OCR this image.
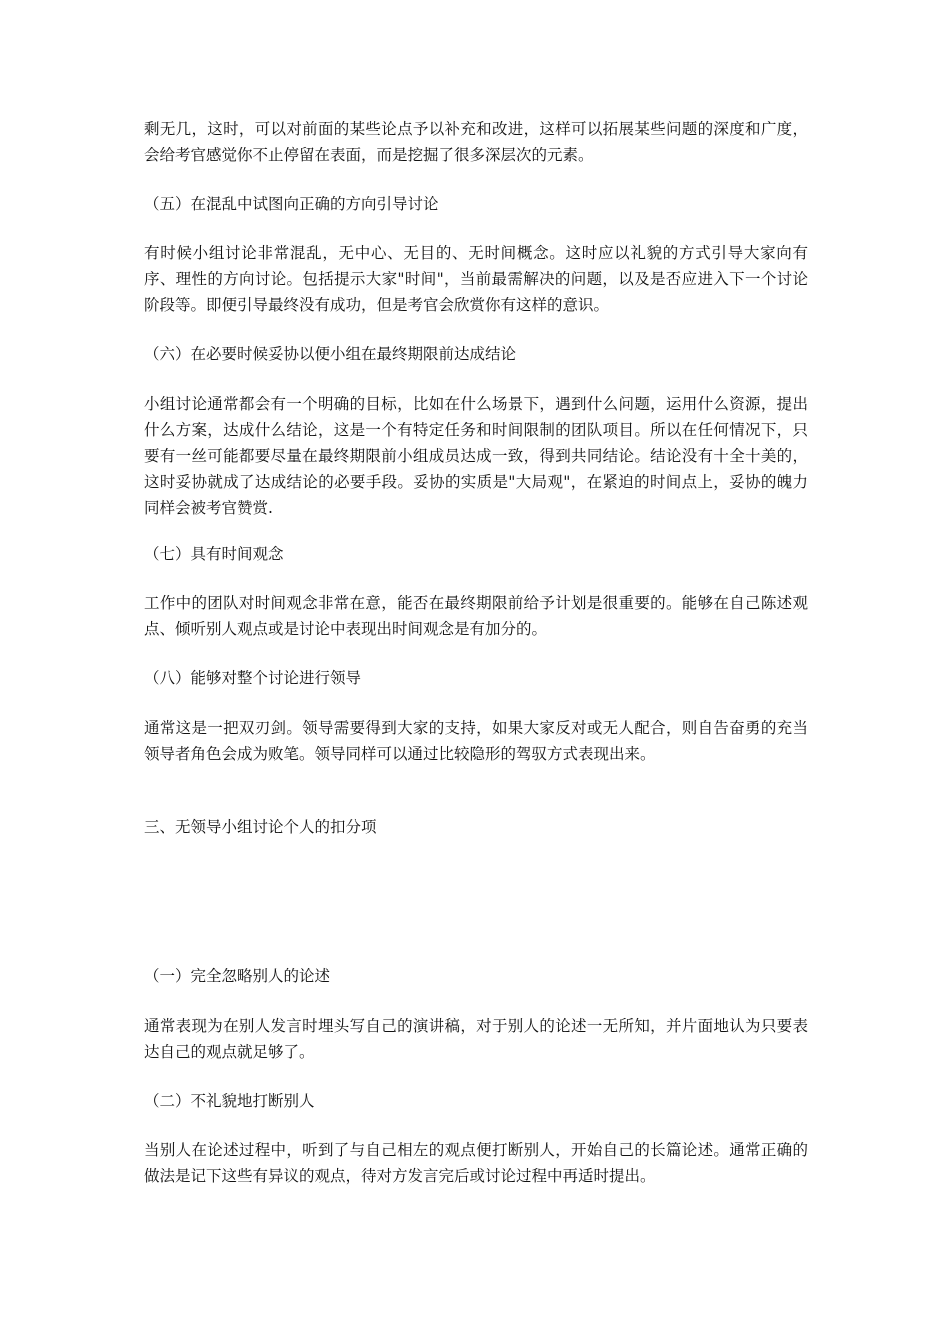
剩无几，这时，可以对前面的某些论点予以补充和改进，这样可以拓展某些问题的深度和广度，会给考官感觉你不止停留在表面，而是挖掘了很多深层次的元素。

（五）在混乱中试图向正确的方向引导讨论

有时候小组讨论非常混乱，无中心、无目的、无时间概念。这时应以礼貌的方式引导大家向有序、理性的方向讨论。包括提示大家"时间"，当前最需解决的问题，以及是否应进入下一个讨论阶段等。即便引导最终没有成功，但是考官会欣赏你有这样的意识。

（六）在必要时候妥协以便小组在最终期限前达成结论

小组讨论通常都会有一个明确的目标，比如在什么场景下，遇到什么问题，运用什么资源，提出什么方案，达成什么结论，这是一个有特定任务和时间限制的团队项目。所以在任何情况下，只要有一丝可能都要尽量在最终期限前小组成员达成一致，得到共同结论。结论没有十全十美的，这时妥协就成了达成结论的必要手段。妥协的实质是"大局观"，在紧迫的时间点上，妥协的魄力同样会被考官赞赏.

（七）具有时间观念

工作中的团队对时间观念非常在意，能否在最终期限前给予计划是很重要的。能够在自己陈述观点、倾听别人观点或是讨论中表现出时间观念是有加分的。

（八）能够对整个讨论进行领导

通常这是一把双刃剑。领导需要得到大家的支持，如果大家反对或无人配合，则自告奋勇的充当领导者角色会成为败笔。领导同样可以通过比较隐形的驾驭方式表现出来。

三、无领导小组讨论个人的扣分项

（一）完全忽略别人的论述

通常表现为在别人发言时埋头写自己的演讲稿，对于别人的论述一无所知，并片面地认为只要表达自己的观点就足够了。

（二）不礼貌地打断别人

当别人在论述过程中，听到了与自己相左的观点便打断别人，开始自己的长篇论述。通常正确的做法是记下这些有异议的观点，待对方发言完后或讨论过程中再适时提出。
